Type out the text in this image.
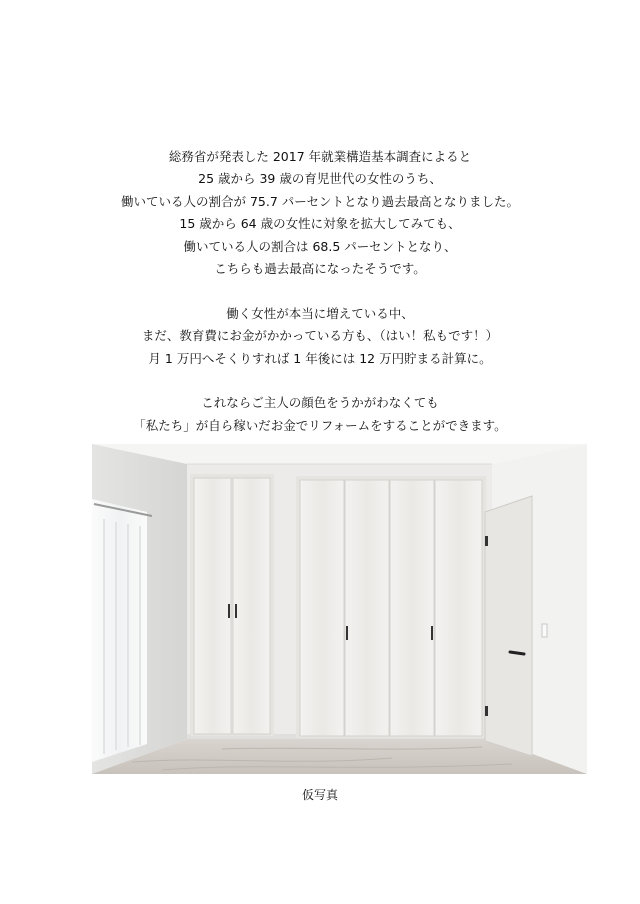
総務省が発表した 2017 年就業構造基本調査によると
25 歳から 39 歳の育児世代の女性のうち、
働いている人の割合が 75.7 パーセントとなり過去最高となりました。
15 歳から 64 歳の女性に対象を拡大してみても、
働いている人の割合は 68.5 パーセントとなり、
こちらも過去最高になったそうです。

働く女性が本当に増えている中、
まだ、教育費にお金がかかっている方も、（はい！私もです！）
月 1 万円へそくりすれば 1 年後には 12 万円貯まる計算に。

これならご主人の顔色をうかがわなくても
「私たち」が自ら稼いだお金でリフォームをすることができます。

仮写真
